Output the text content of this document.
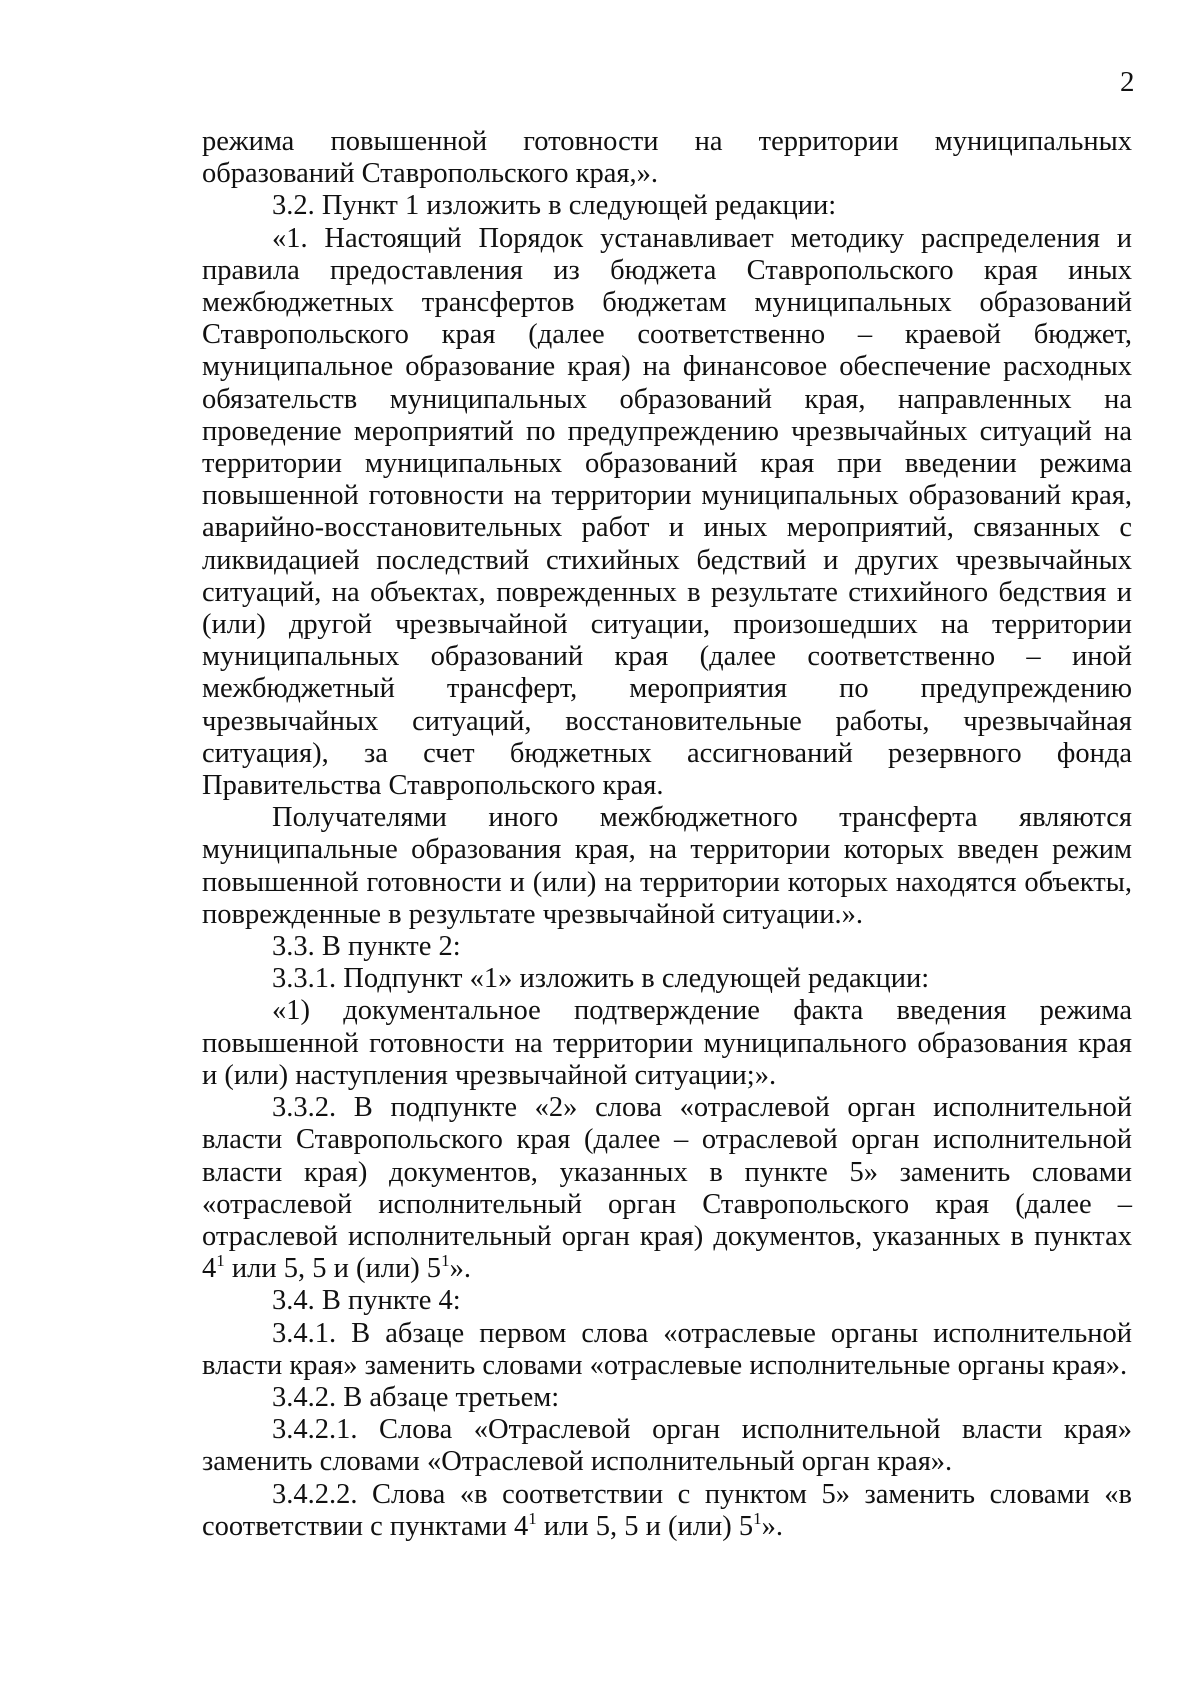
2

режима повышенной готовности на территории муниципальных образований Ставропольского края,».

3.2. Пункт 1 изложить в следующей редакции:

«1. Настоящий Порядок устанавливает методику распределения и правила предоставления из бюджета Ставропольского края иных межбюджетных трансфертов бюджетам муниципальных образований Ставропольского края (далее соответственно – краевой бюджет, муниципальное образование края) на финансовое обеспечение расходных обязательств муниципальных образований края, направленных на проведение мероприятий по предупреждению чрезвычайных ситуаций на территории муниципальных образований края при введении режима повышенной готовности на территории муниципальных образований края, аварийно-восстановительных работ и иных мероприятий, связанных с ликвидацией последствий стихийных бедствий и других чрезвычайных ситуаций, на объектах, поврежденных в результате стихийного бедствия и (или) другой чрезвычайной ситуации, произошедших на территории муниципальных образований края (далее соответственно – иной межбюджетный трансферт, мероприятия по предупреждению чрезвычайных ситуаций, восстановительные работы, чрезвычайная ситуация), за счет бюджетных ассигнований резервного фонда Правительства Ставропольского края.

Получателями иного межбюджетного трансферта являются муниципальные образования края, на территории которых введен режим повышенной готовности и (или) на территории которых находятся объекты, поврежденные в результате чрезвычайной ситуации.».

3.3. В пункте 2:

3.3.1. Подпункт «1» изложить в следующей редакции:

«1) документальное подтверждение факта введения режима повышенной готовности на территории муниципального образования края и (или) наступления чрезвычайной ситуации;».

3.3.2. В подпункте «2» слова «отраслевой орган исполнительной власти Ставропольского края (далее – отраслевой орган исполнительной власти края) документов, указанных в пункте 5» заменить словами «отраслевой исполнительный орган Ставропольского края (далее – отраслевой исполнительный орган края) документов, указанных в пунктах $4^1$ или 5, 5 и (или) $5^1$».

3.4. В пункте 4:

3.4.1. В абзаце первом слова «отраслевые органы исполнительной власти края» заменить словами «отраслевые исполнительные органы края».

3.4.2. В абзаце третьем:

3.4.2.1. Слова «Отраслевой орган исполнительной власти края» заменить словами «Отраслевой исполнительный орган края».

3.4.2.2. Слова «в соответствии с пунктом 5» заменить словами «в соответствии с пунктами $4^1$ или 5, 5 и (или) $5^1$».
